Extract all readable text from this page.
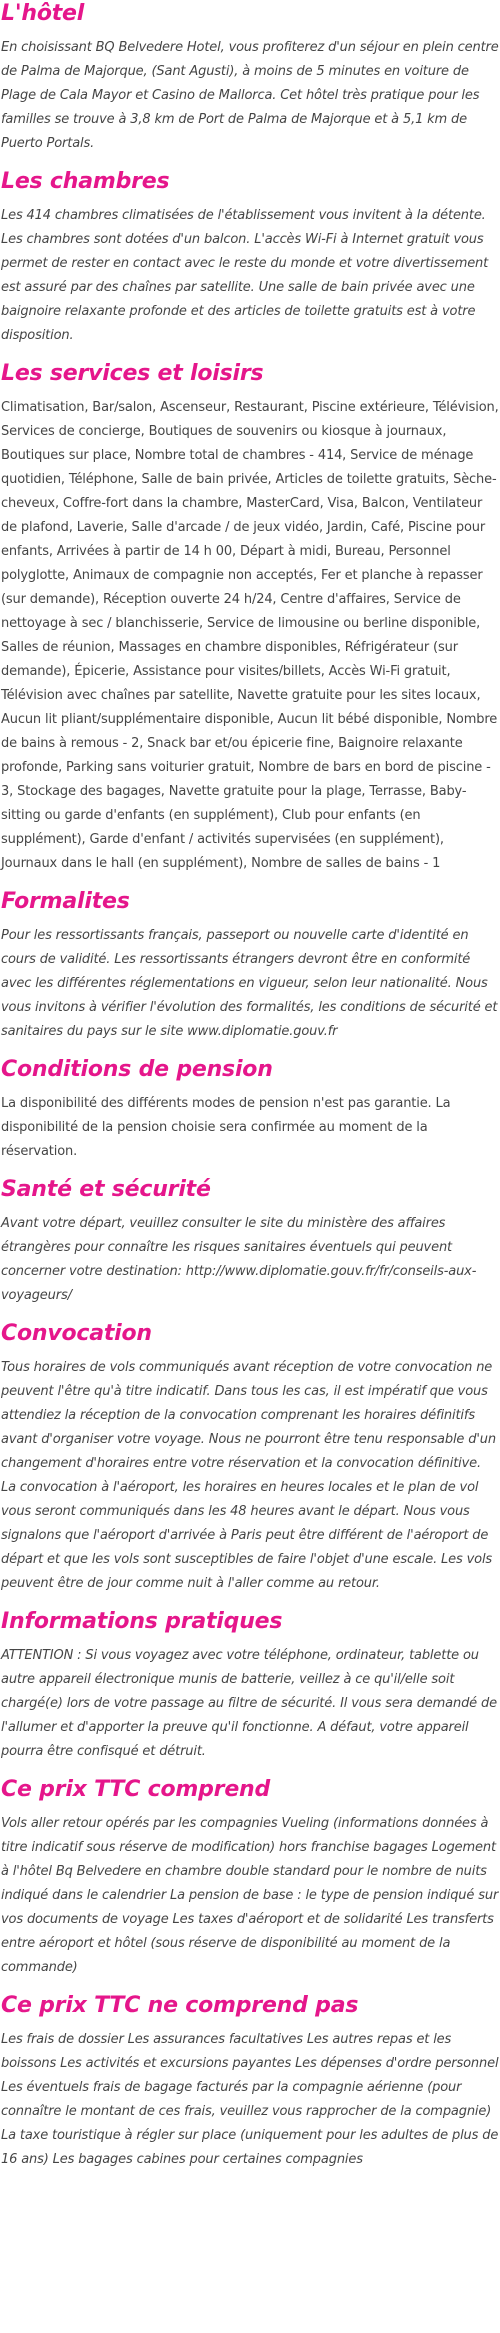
L'hôtel

En choisissant BQ Belvedere Hotel, vous profiterez d'un séjour en plein centre de Palma de Majorque, (Sant Agusti), à moins de 5 minutes en voiture de Plage de Cala Mayor et Casino de Mallorca. Cet hôtel très pratique pour les familles se trouve à 3,8 km de Port de Palma de Majorque et à 5,1 km de Puerto Portals.

Les chambres

Les 414 chambres climatisées de l'établissement vous invitent à la détente. Les chambres sont dotées d'un balcon. L'accès Wi-Fi à Internet gratuit vous permet de rester en contact avec le reste du monde et votre divertissement est assuré par des chaînes par satellite. Une salle de bain privée avec une baignoire relaxante profonde et des articles de toilette gratuits est à votre disposition.

Les services et loisirs

Climatisation, Bar/salon, Ascenseur, Restaurant, Piscine extérieure, Télévision, Services de concierge, Boutiques de souvenirs ou kiosque à journaux, Boutiques sur place, Nombre total de chambres - 414, Service de ménage quotidien, Téléphone, Salle de bain privée, Articles de toilette gratuits, Sèche-cheveux, Coffre-fort dans la chambre, MasterCard, Visa, Balcon, Ventilateur de plafond, Laverie, Salle d'arcade / de jeux vidéo, Jardin, Café, Piscine pour enfants, Arrivées à partir de 14 h 00, Départ à midi, Bureau, Personnel polyglotte, Animaux de compagnie non acceptés, Fer et planche à repasser (sur demande), Réception ouverte 24 h/24, Centre d'affaires, Service de nettoyage à sec / blanchisserie, Service de limousine ou berline disponible, Salles de réunion, Massages en chambre disponibles, Réfrigérateur (sur demande), Épicerie, Assistance pour visites/billets, Accès Wi-Fi gratuit, Télévision avec chaînes par satellite, Navette gratuite pour les sites locaux, Aucun lit pliant/supplémentaire disponible, Aucun lit bébé disponible, Nombre de bains à remous - 2, Snack bar et/ou épicerie fine, Baignoire relaxante profonde, Parking sans voiturier gratuit, Nombre de bars en bord de piscine - 3, Stockage des bagages, Navette gratuite pour la plage, Terrasse, Baby-sitting ou garde d'enfants (en supplément), Club pour enfants (en supplément), Garde d'enfant / activités supervisées (en supplément), Journaux dans le hall (en supplément), Nombre de salles de bains - 1

Formalites

Pour les ressortissants français, passeport ou nouvelle carte d'identité en cours de validité. Les ressortissants étrangers devront être en conformité avec les différentes réglementations en vigueur, selon leur nationalité. Nous vous invitons à vérifier l'évolution des formalités, les conditions de sécurité et sanitaires du pays sur le site www.diplomatie.gouv.fr

Conditions de pension

La disponibilité des différents modes de pension n'est pas garantie. La disponibilité de la pension choisie sera confirmée au moment de la réservation.

Santé et sécurité

Avant votre départ, veuillez consulter le site du ministère des affaires étrangères pour connaître les risques sanitaires éventuels qui peuvent concerner votre destination: http://www.diplomatie.gouv.fr/fr/conseils-aux-voyageurs/

Convocation

Tous horaires de vols communiqués avant réception de votre convocation ne peuvent l'être qu'à titre indicatif. Dans tous les cas, il est impératif que vous attendiez la réception de la convocation comprenant les horaires définitifs avant d'organiser votre voyage. Nous ne pourront être tenu responsable d'un changement d'horaires entre votre réservation et la convocation définitive. La convocation à l'aéroport, les horaires en heures locales et le plan de vol vous seront communiqués dans les 48 heures avant le départ. Nous vous signalons que l'aéroport d'arrivée à Paris peut être différent de l'aéroport de départ et que les vols sont susceptibles de faire l'objet d'une escale. Les vols peuvent être de jour comme nuit à l'aller comme au retour.

Informations pratiques

ATTENTION : Si vous voyagez avec votre téléphone, ordinateur, tablette ou autre appareil électronique munis de batterie, veillez à ce qu'il/elle soit chargé(e) lors de votre passage au filtre de sécurité. Il vous sera demandé de l'allumer et d'apporter la preuve qu'il fonctionne. A défaut, votre appareil pourra être confisqué et détruit.

Ce prix TTC comprend

Vols aller retour opérés par les compagnies Vueling (informations données à titre indicatif sous réserve de modification) hors franchise bagages Logement à l'hôtel Bq Belvedere en chambre double standard pour le nombre de nuits indiqué dans le calendrier La pension de base : le type de pension indiqué sur vos documents de voyage Les taxes d'aéroport et de solidarité Les transferts entre aéroport et hôtel (sous réserve de disponibilité au moment de la commande)

Ce prix TTC ne comprend pas

Les frais de dossier Les assurances facultatives Les autres repas et les boissons Les activités et excursions payantes Les dépenses d'ordre personnel Les éventuels frais de bagage facturés par la compagnie aérienne (pour connaître le montant de ces frais, veuillez vous rapprocher de la compagnie) La taxe touristique à régler sur place (uniquement pour les adultes de plus de 16 ans) Les bagages cabines pour certaines compagnies
